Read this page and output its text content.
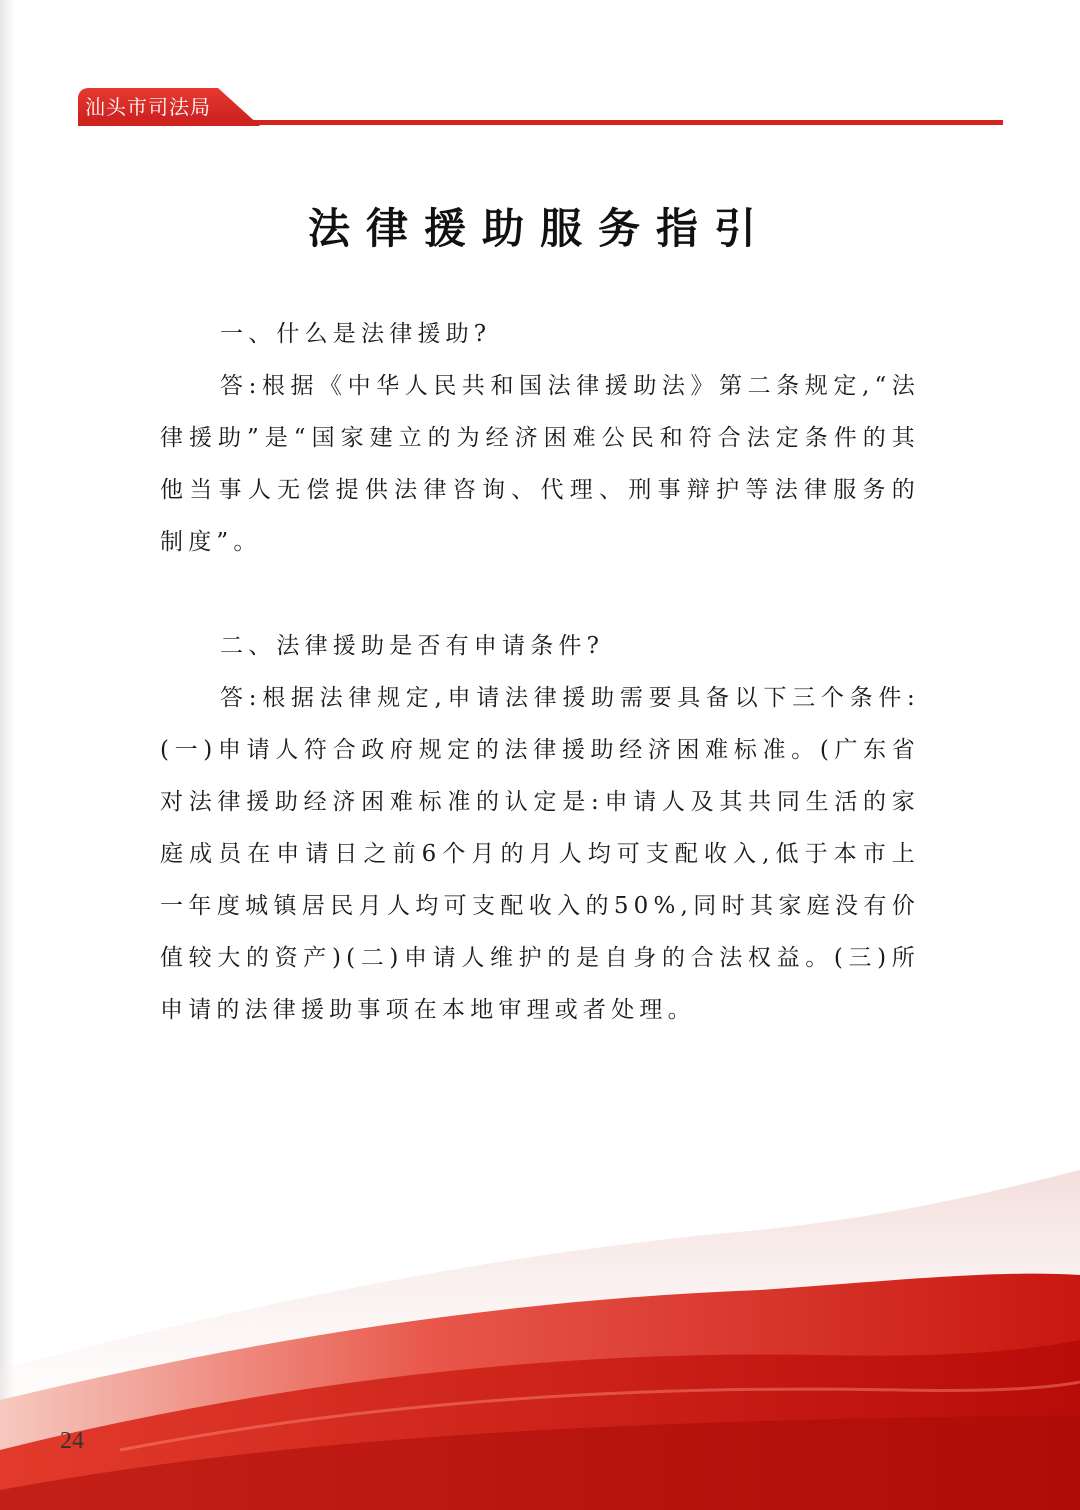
汕头市司法局
法律援助服务指引

一、什么是法律援助?

答:根据《中华人民共和国法律援助法》第二条规定,“法律援助”是“国家建立的为经济困难公民和符合法定条件的其他当事人无偿提供法律咨询、代理、刑事辩护等法律服务的制度”。

二、法律援助是否有申请条件?

答:根据法律规定,申请法律援助需要具备以下三个条件:(一)申请人符合政府规定的法律援助经济困难标准。(广东省对法律援助经济困难标准的认定是:申请人及其共同生活的家庭成员在申请日之前6个月的月人均可支配收入,低于本市上一年度城镇居民月人均可支配收入的50%,同时其家庭没有价值较大的资产)(二)申请人维护的是自身的合法权益。(三)所申请的法律援助事项在本地审理或者处理。

24
